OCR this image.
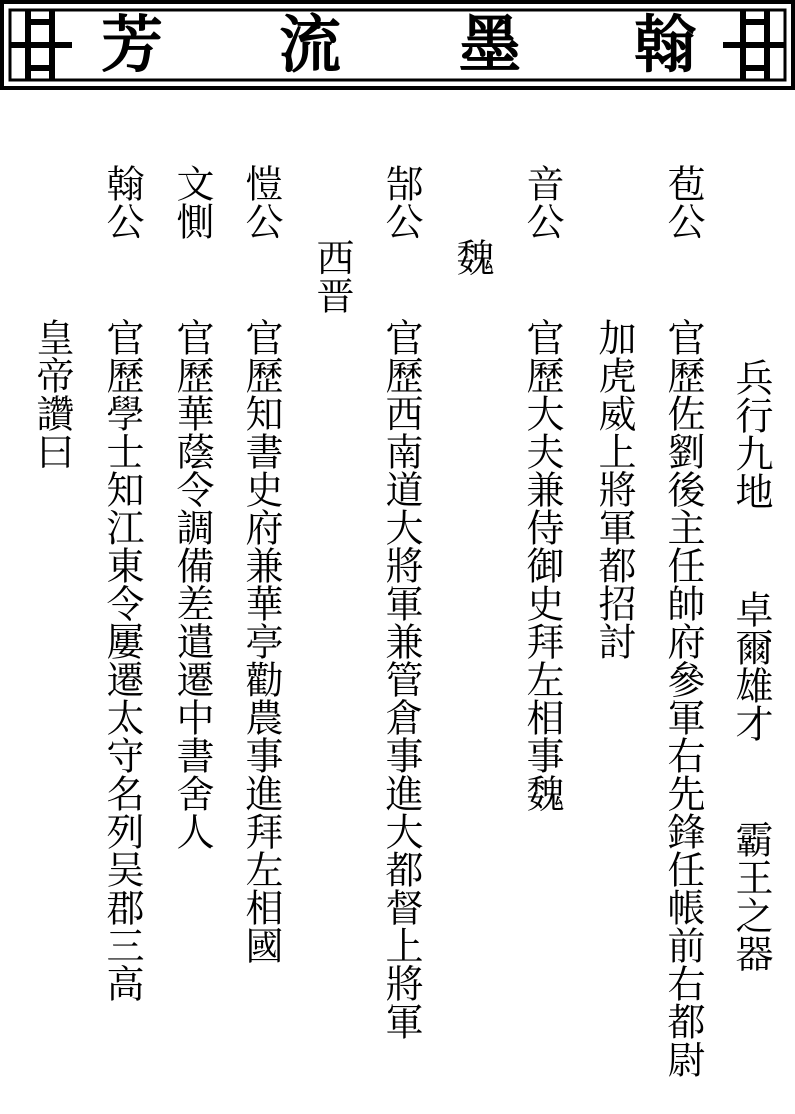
芳 流 墨 翰
兵行九地
卓爾雄才
霸王之器
苞公
官歷佐劉後主任帥府參軍右先鋒任帳前右都尉
加虎威上將軍都招討
音公
官歷大夫兼侍御史拜左相事魏
魏
郜公
官歷西南道大將軍兼管倉事進大都督上將軍
西晋
愷公
官歷知書史府兼華亭勸農事進拜左相國
文惻
官歷華蔭令調備差遣遷中書舍人
翰公
官歷學士知江東令屢遷太守名列吴郡三高
皇帝讚曰
